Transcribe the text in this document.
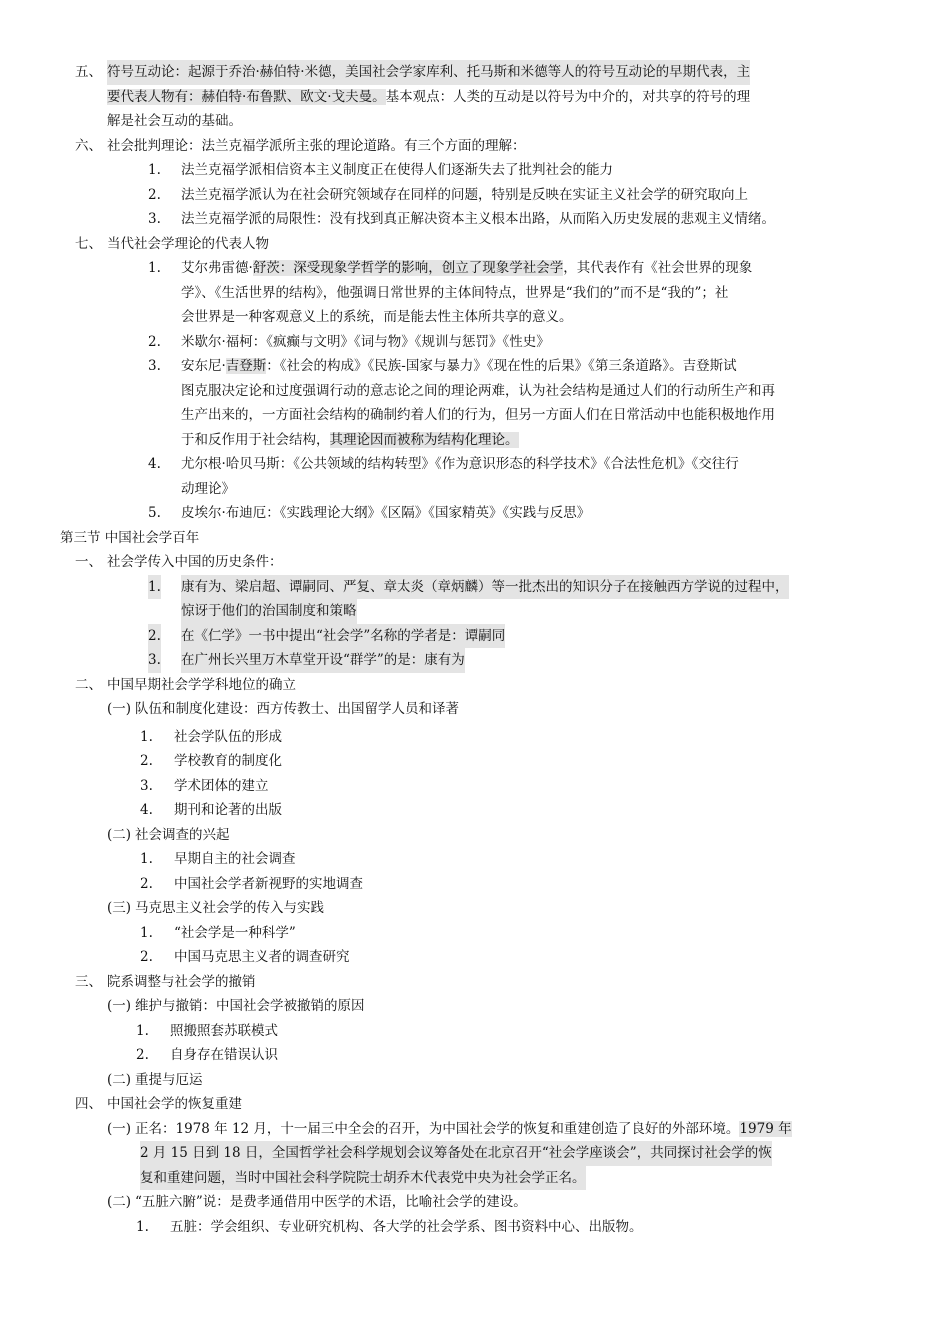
五、 符号互动论：起源于乔治·赫伯特·米德，美国社会学家库利、托马斯和米德等人的符号互动论的早期代表，主
要代表人物有：赫伯特·布鲁默、欧文·戈夫曼。基本观点：人类的互动是以符号为中介的，对共享的符号的理
解是社会互动的基础。
六、 社会批判理论：法兰克福学派所主张的理论道路。有三个方面的理解：
1. 法兰克福学派相信资本主义制度正在使得人们逐渐失去了批判社会的能力
2. 法兰克福学派认为在社会研究领域存在同样的问题，特别是反映在实证主义社会学的研究取向上
3. 法兰克福学派的局限性：没有找到真正解决资本主义根本出路，从而陷入历史发展的悲观主义情绪。
七、 当代社会学理论的代表人物
1. 艾尔弗雷德·舒茨：深受现象学哲学的影响，创立了现象学社会学，其代表作有《社会世界的现象
学》、《生活世界的结构》，他强调日常世界的主体间特点，世界是“我们的”而不是“我的”；社
会世界是一种客观意义上的系统，而是能去性主体所共享的意义。
2. 米歇尔·福柯：《疯癫与文明》《词与物》《规训与惩罚》《性史》
3. 安东尼·吉登斯：《社会的构成》《民族-国家与暴力》《现在性的后果》《第三条道路》。吉登斯试
图克服决定论和过度强调行动的意志论之间的理论两难，认为社会结构是通过人们的行动所生产和再
生产出来的，一方面社会结构的确制约着人们的行为，但另一方面人们在日常活动中也能积极地作用
于和反作用于社会结构，其理论因而被称为结构化理论。
4. 尤尔根·哈贝马斯：《公共领域的结构转型》《作为意识形态的科学技术》《合法性危机》《交往行
动理论》
5. 皮埃尔·布迪厄：《实践理论大纲》《区隔》《国家精英》《实践与反思》
第三节 中国社会学百年
一、 社会学传入中国的历史条件：
1. 康有为、梁启超、谭嗣同、严复、章太炎（章炳麟）等一批杰出的知识分子在接触西方学说的过程中，
惊讶于他们的治国制度和策略
2. 在《仁学》一书中提出“社会学”名称的学者是：谭嗣同
3. 在广州长兴里万木草堂开设“群学”的是：康有为
二、 中国早期社会学学科地位的确立
(一) 队伍和制度化建设：西方传教士、出国留学人员和译著
1. 社会学队伍的形成
2. 学校教育的制度化
3. 学术团体的建立
4. 期刊和论著的出版
(二) 社会调查的兴起
1. 早期自主的社会调查
2. 中国社会学者新视野的实地调查
(三) 马克思主义社会学的传入与实践
1. “社会学是一种科学”
2. 中国马克思主义者的调查研究
三、 院系调整与社会学的撤销
(一) 维护与撤销：中国社会学被撤销的原因
1. 照搬照套苏联模式
2. 自身存在错误认识
(二) 重提与厄运
四、 中国社会学的恢复重建
(一) 正名：1978 年 12 月，十一届三中全会的召开，为中国社会学的恢复和重建创造了良好的外部环境。1979 年
2 月 15 日到 18 日，全国哲学社会科学规划会议筹备处在北京召开“社会学座谈会”，共同探讨社会学的恢
复和重建问题，当时中国社会科学院院士胡乔木代表党中央为社会学正名。
(二) “五脏六腑”说：是费孝通借用中医学的术语，比喻社会学的建设。
1. 五脏：学会组织、专业研究机构、各大学的社会学系、图书资料中心、出版物。
